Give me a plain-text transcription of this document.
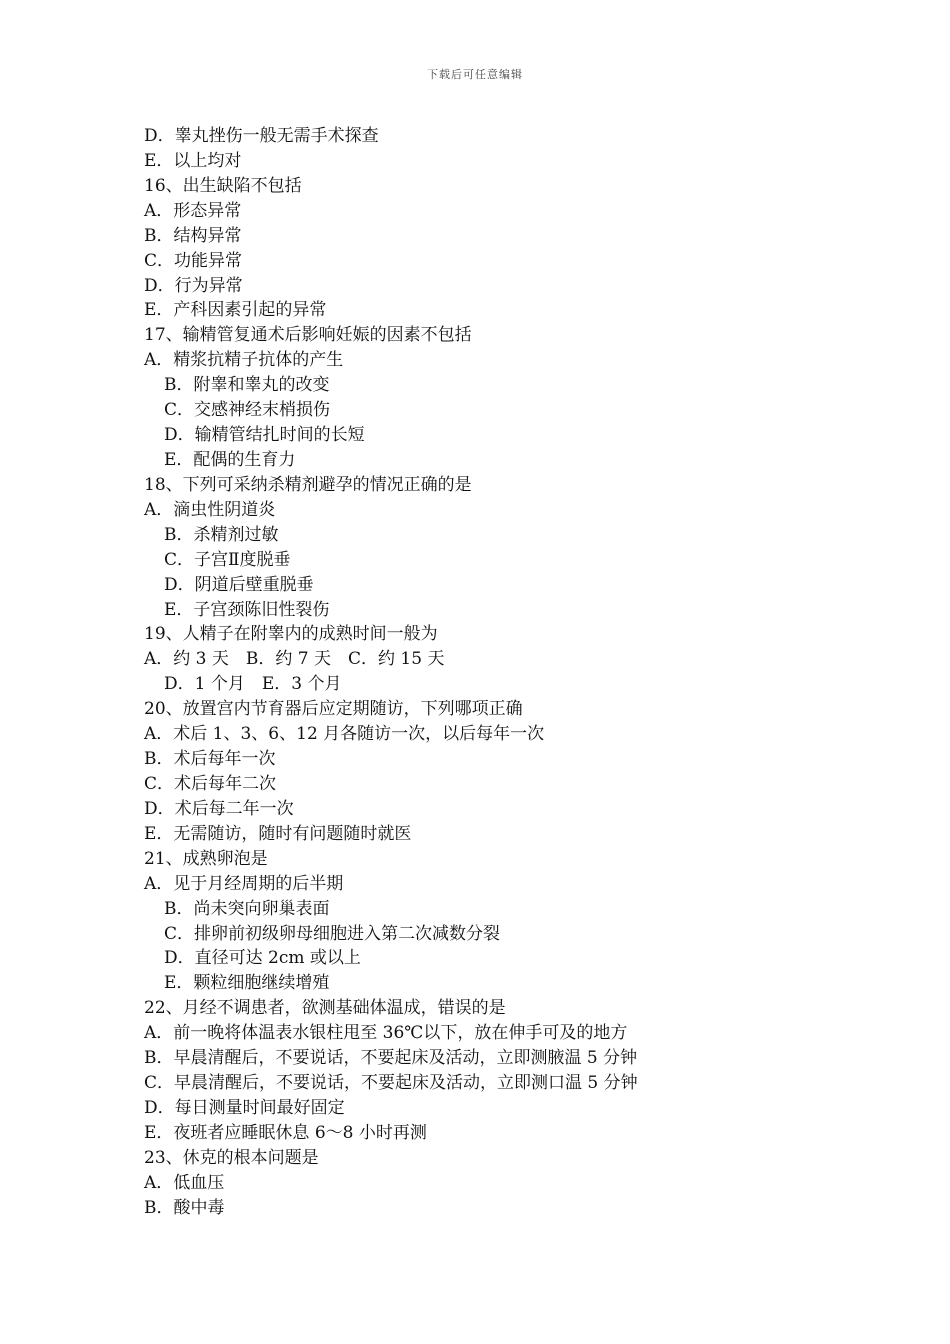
下载后可任意编辑
D．睾丸挫伤一般无需手术探查
E．以上均对
16、出生缺陷不包括
A．形态异常
B．结构异常
C．功能异常
D．行为异常
E．产科因素引起的异常
17、输精管复通术后影响妊娠的因素不包括
A．精浆抗精子抗体的产生
B．附睾和睾丸的改变
C．交感神经末梢损伤
D．输精管结扎时间的长短
E．配偶的生育力
18、下列可采纳杀精剂避孕的情况正确的是
A．滴虫性阴道炎
B．杀精剂过敏
C．子宫Ⅱ度脱垂
D．阴道后壁重脱垂
E．子宫颈陈旧性裂伤
19、人精子在附睾内的成熟时间一般为
A．约 3 天　B．约 7 天　C．约 15 天
D．1 个月　E．3 个月
20、放置宫内节育器后应定期随访，下列哪项正确
A．术后 1、3、6、12 月各随访一次，以后每年一次
B．术后每年一次
C．术后每年二次
D．术后每二年一次
E．无需随访，随时有问题随时就医
21、成熟卵泡是
A．见于月经周期的后半期
B．尚未突向卵巢表面
C．排卵前初级卵母细胞进入第二次减数分裂
D．直径可达 2cm 或以上
E．颗粒细胞继续增殖
22、月经不调患者，欲测基础体温成，错误的是
A．前一晚将体温表水银柱甩至 36℃以下，放在伸手可及的地方
B．早晨清醒后，不要说话，不要起床及活动，立即测腋温 5 分钟
C．早晨清醒后，不要说话，不要起床及活动，立即测口温 5 分钟
D．每日测量时间最好固定
E．夜班者应睡眠休息 6～8 小时再测
23、休克的根本问题是
A．低血压
B．酸中毒
